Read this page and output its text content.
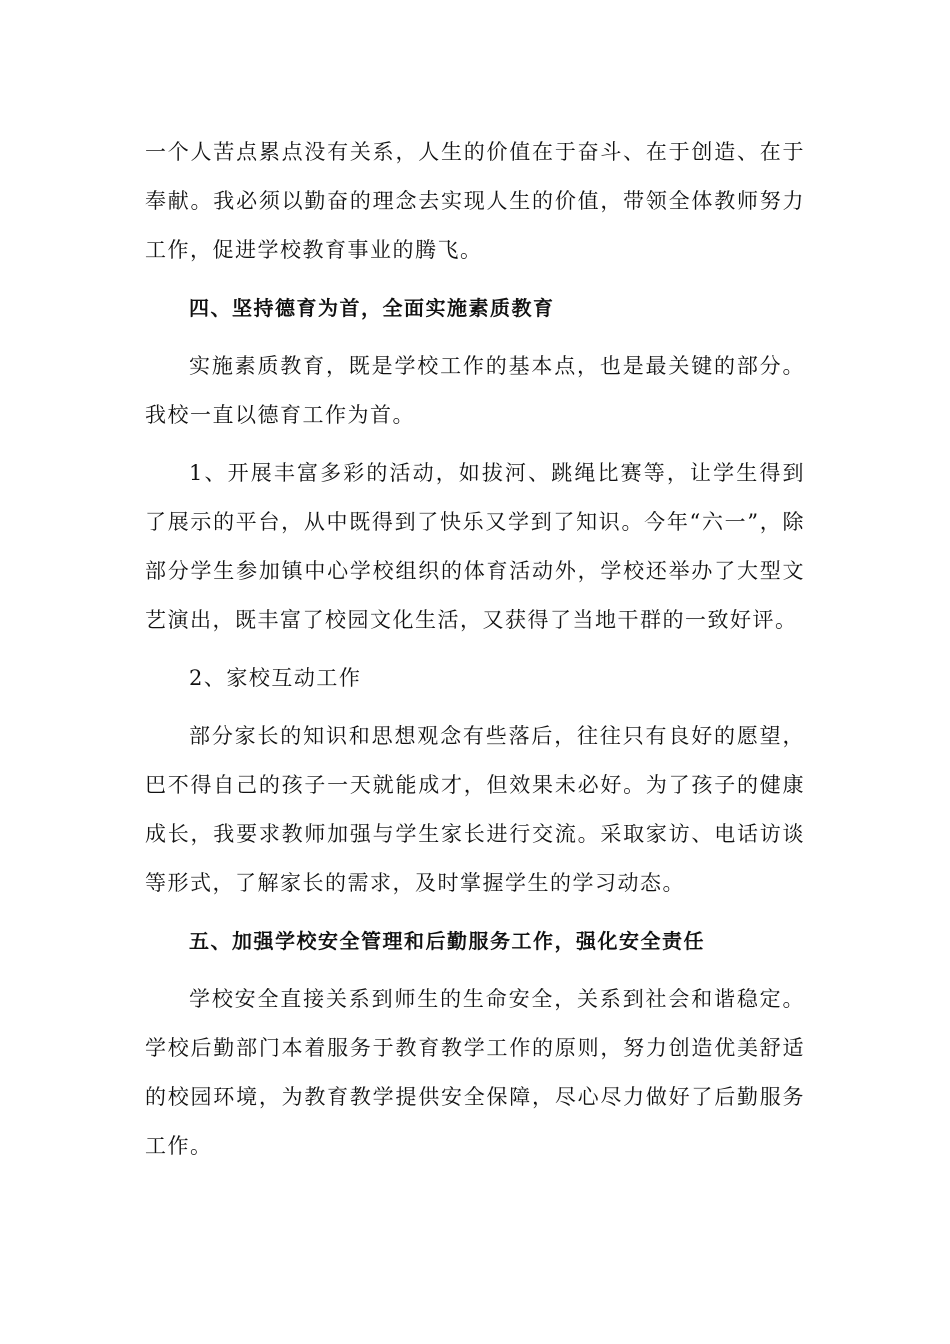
一个人苦点累点没有关系，人生的价值在于奋斗、在于创造、在于奉献。我必须以勤奋的理念去实现人生的价值，带领全体教师努力工作，促进学校教育事业的腾飞。

四、坚持德育为首，全面实施素质教育

实施素质教育，既是学校工作的基本点，也是最关键的部分。我校一直以德育工作为首。

1、开展丰富多彩的活动，如拔河、跳绳比赛等，让学生得到了展示的平台，从中既得到了快乐又学到了知识。今年“六一”，除部分学生参加镇中心学校组织的体育活动外，学校还举办了大型文艺演出，既丰富了校园文化生活，又获得了当地干群的一致好评。

2、家校互动工作

部分家长的知识和思想观念有些落后，往往只有良好的愿望，巴不得自己的孩子一天就能成才，但效果未必好。为了孩子的健康成长，我要求教师加强与学生家长进行交流。采取家访、电话访谈等形式，了解家长的需求，及时掌握学生的学习动态。

五、加强学校安全管理和后勤服务工作，强化安全责任

学校安全直接关系到师生的生命安全，关系到社会和谐稳定。学校后勤部门本着服务于教育教学工作的原则，努力创造优美舒适的校园环境，为教育教学提供安全保障，尽心尽力做好了后勤服务工作。
